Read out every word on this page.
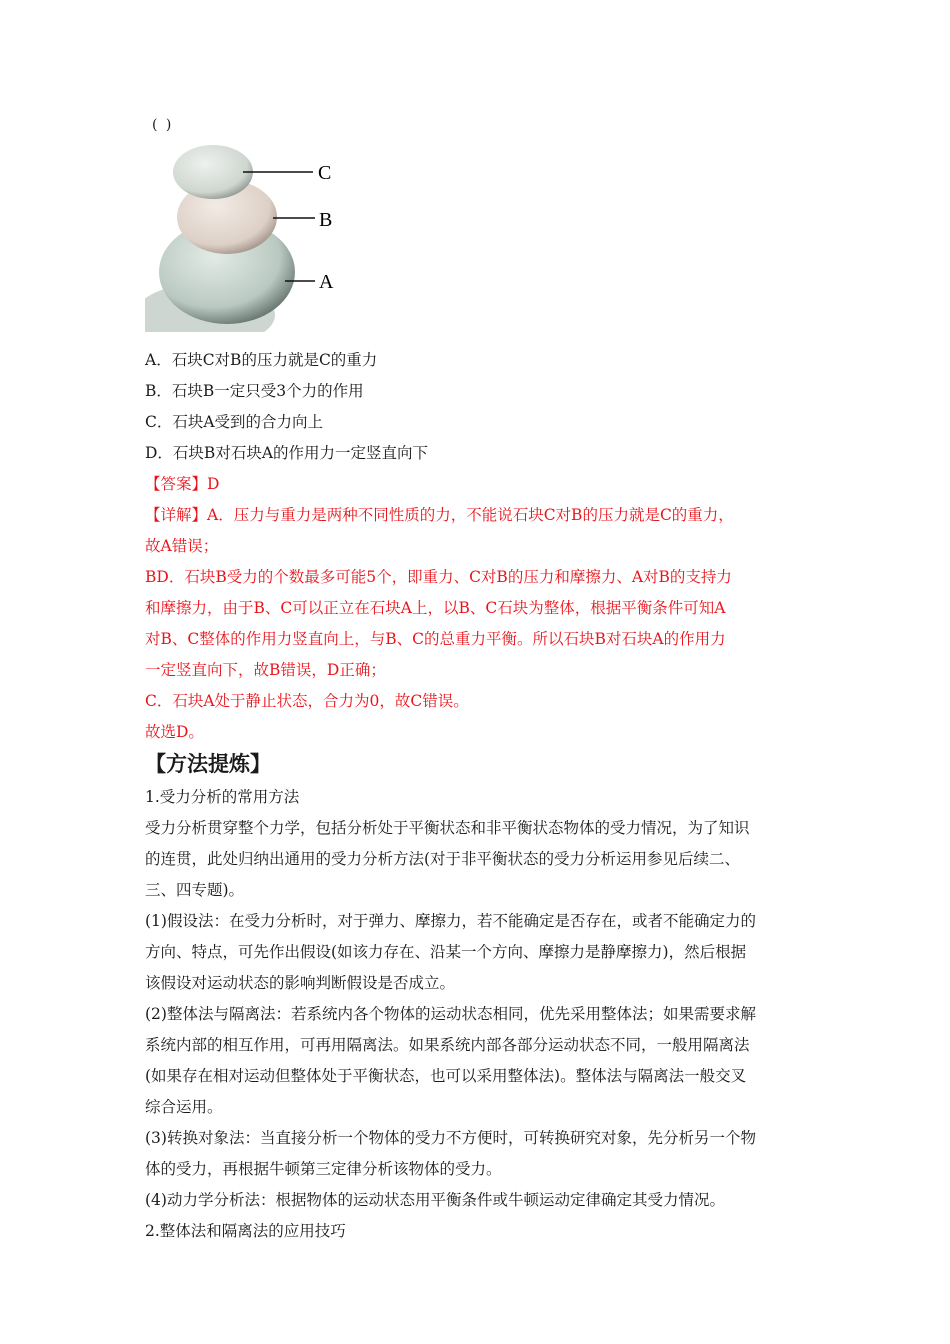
( )
C
B
A
A．石块C对B的压力就是C的重力
B．石块B一定只受3个力的作用
C．石块A受到的合力向上
D．石块B对石块A的作用力一定竖直向下
【答案】D
【详解】A．压力与重力是两种不同性质的力，不能说石块C对B的压力就是C的重力，
故A错误；
BD．石块B受力的个数最多可能5个，即重力、C对B的压力和摩擦力、A对B的支持力
和摩擦力，由于B、C可以正立在石块A上，以B、C石块为整体，根据平衡条件可知A
对B、C整体的作用力竖直向上，与B、C的总重力平衡。所以石块B对石块A的作用力
一定竖直向下，故B错误，D正确；
C．石块A处于静止状态，合力为0，故C错误。
故选D。
【方法提炼】
1.受力分析的常用方法
受力分析贯穿整个力学，包括分析处于平衡状态和非平衡状态物体的受力情况，为了知识
的连贯，此处归纳出通用的受力分析方法(对于非平衡状态的受力分析运用参见后续二、
三、四专题)。
(1)假设法：在受力分析时，对于弹力、摩擦力，若不能确定是否存在，或者不能确定力的
方向、特点，可先作出假设(如该力存在、沿某一个方向、摩擦力是静摩擦力)，然后根据
该假设对运动状态的影响判断假设是否成立。
(2)整体法与隔离法：若系统内各个物体的运动状态相同，优先采用整体法；如果需要求解
系统内部的相互作用，可再用隔离法。如果系统内部各部分运动状态不同，一般用隔离法
(如果存在相对运动但整体处于平衡状态，也可以采用整体法)。整体法与隔离法一般交叉
综合运用。
(3)转换对象法：当直接分析一个物体的受力不方便时，可转换研究对象，先分析另一个物
体的受力，再根据牛顿第三定律分析该物体的受力。
(4)动力学分析法：根据物体的运动状态用平衡条件或牛顿运动定律确定其受力情况。
2.整体法和隔离法的应用技巧
